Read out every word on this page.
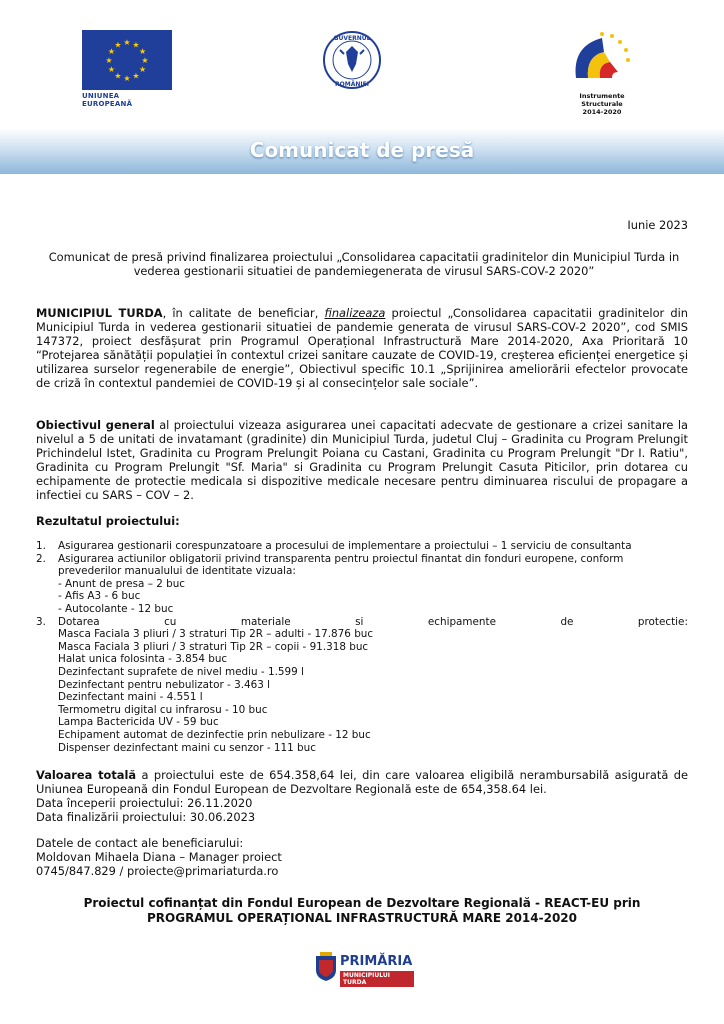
★ ★
★
★
★
★
★
★
★
★
★
★
UNIUNEA EUROPEANĂ
GUVERNUL
ROMÂNIEI
Instrumente Structurale
2014-2020
Comunicat de presă
Iunie 2023
Comunicat de presă privind finalizarea proiectului „Consolidarea capacitatii gradinitelor din Municipiul Turda in vederea gestionarii situatiei de pandemiegenerata de virusul SARS-COV-2 2020”
MUNICIPIUL TURDA, în calitate de beneficiar, finalizeaza proiectul „Consolidarea capacitatii gradinitelor din Municipiul Turda in vederea gestionarii situatiei de pandemie generata de virusul SARS-COV-2 2020”, cod SMIS 147372, proiect desfășurat prin Programul Operațional Infrastructură Mare 2014-2020, Axa Prioritară 10 “Protejarea sănătății populației în contextul crizei sanitare cauzate de COVID-19, creșterea eficienței energetice și utilizarea surselor regenerabile de energie”, Obiectivul specific 10.1 „Sprijinirea ameliorării efectelor provocate de criză în contextul pandemiei de COVID-19 și al consecințelor sale sociale”.
Obiectivul general al proiectului vizeaza asigurarea unei capacitati adecvate de gestionare a crizei sanitare la nivelul a 5 de unitati de invatamant (gradinite) din Municipiul Turda, judetul Cluj – Gradinita cu Program Prelungit Prichindelul Istet, Gradinita cu Program Prelungit Poiana cu Castani, Gradinita cu Program Prelungit "Dr I. Ratiu", Gradinita cu Program Prelungit "Sf. Maria" si Gradinita cu Program Prelungit Casuta Piticilor, prin dotarea cu echipamente de protectie medicala si dispozitive medicale necesare pentru diminuarea riscului de propagare a infectiei cu SARS – COV – 2.
Rezultatul proiectului:
1. Asigurarea gestionarii corespunzatoare a procesului de implementare a proiectului – 1 serviciu de consultanta
2. Asigurarea actiunilor obligatorii privind transparenta pentru proiectul finantat din fonduri europene, conform prevederilor manualului de identitate vizuala:
- Anunt de presa – 2 buc
- Afis A3 - 6 buc
- Autocolante - 12 buc
3. Dotarea	cu	materiale	si	echipamente	de	protectie:
Masca Faciala 3 pliuri / 3 straturi Tip 2R – adulti - 17.876 buc
Masca Faciala 3 pliuri / 3 straturi Tip 2R – copii - 91.318 buc
Halat unica folosinta - 3.854 buc
Dezinfectant suprafete de nivel mediu - 1.599 l
Dezinfectant pentru nebulizator - 3.463 l
Dezinfectant maini - 4.551 l
Termometru digital cu infrarosu - 10 buc
Lampa Bactericida UV - 59 buc
Echipament automat de dezinfectie prin nebulizare - 12 buc
Dispenser dezinfectant maini cu senzor - 111 buc
Valoarea totală a proiectului este de 654.358,64 lei, din care valoarea eligibilă nerambursabilă asigurată de Uniunea Europeană din Fondul European de Dezvoltare Regională este de 654,358.64 lei.
Data începerii proiectului: 26.11.2020
Data finalizării proiectului: 30.06.2023
Datele de contact ale beneficiarului:
Moldovan Mihaela Diana – Manager proiect
0745/847.829 / proiecte@primariaturda.ro
Proiectul cofinanțat din Fondul European de Dezvoltare Regională - REACT-EU prin
PROGRAMUL OPERAȚIONAL INFRASTRUCTURĂ MARE 2014-2020
PRIMĂRIA
MUNICIPIULUI TURDA
